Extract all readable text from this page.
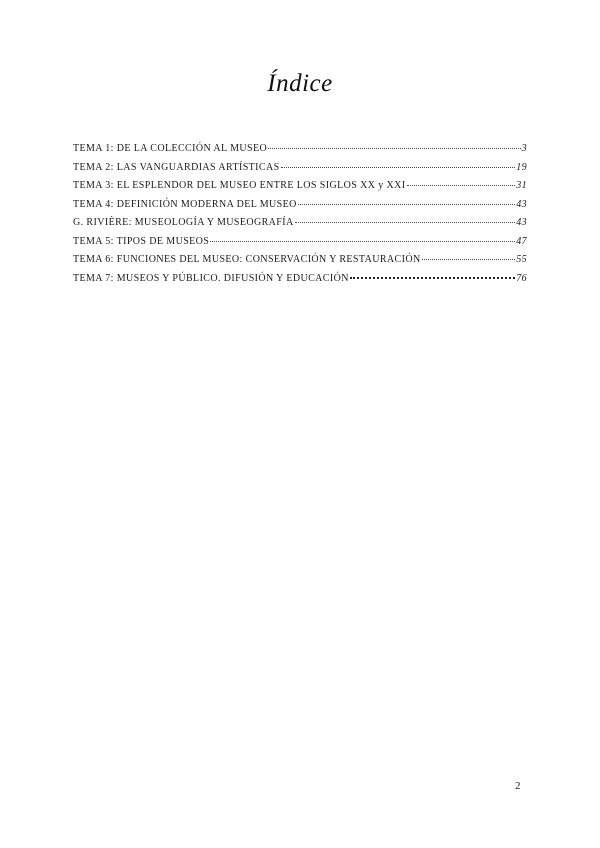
Índice
TEMA 1: DE LA COLECCIÓN AL MUSEO	3
TEMA 2: LAS VANGUARDIAS ARTÍSTICAS	19
TEMA 3: EL ESPLENDOR DEL MUSEO ENTRE LOS SIGLOS XX y XXI	31
TEMA 4: DEFINICIÓN MODERNA DEL MUSEO	43
G. RIVIÈRE: MUSEOLOGÍA Y MUSEOGRAFÍA	43
TEMA 5: TIPOS DE MUSEOS	47
TEMA 6: FUNCIONES DEL MUSEO: CONSERVACIÓN Y RESTAURACIÓN	55
TEMA 7: MUSEOS Y PÚBLICO. DIFUSIÓN Y EDUCACIÓN	76
2
